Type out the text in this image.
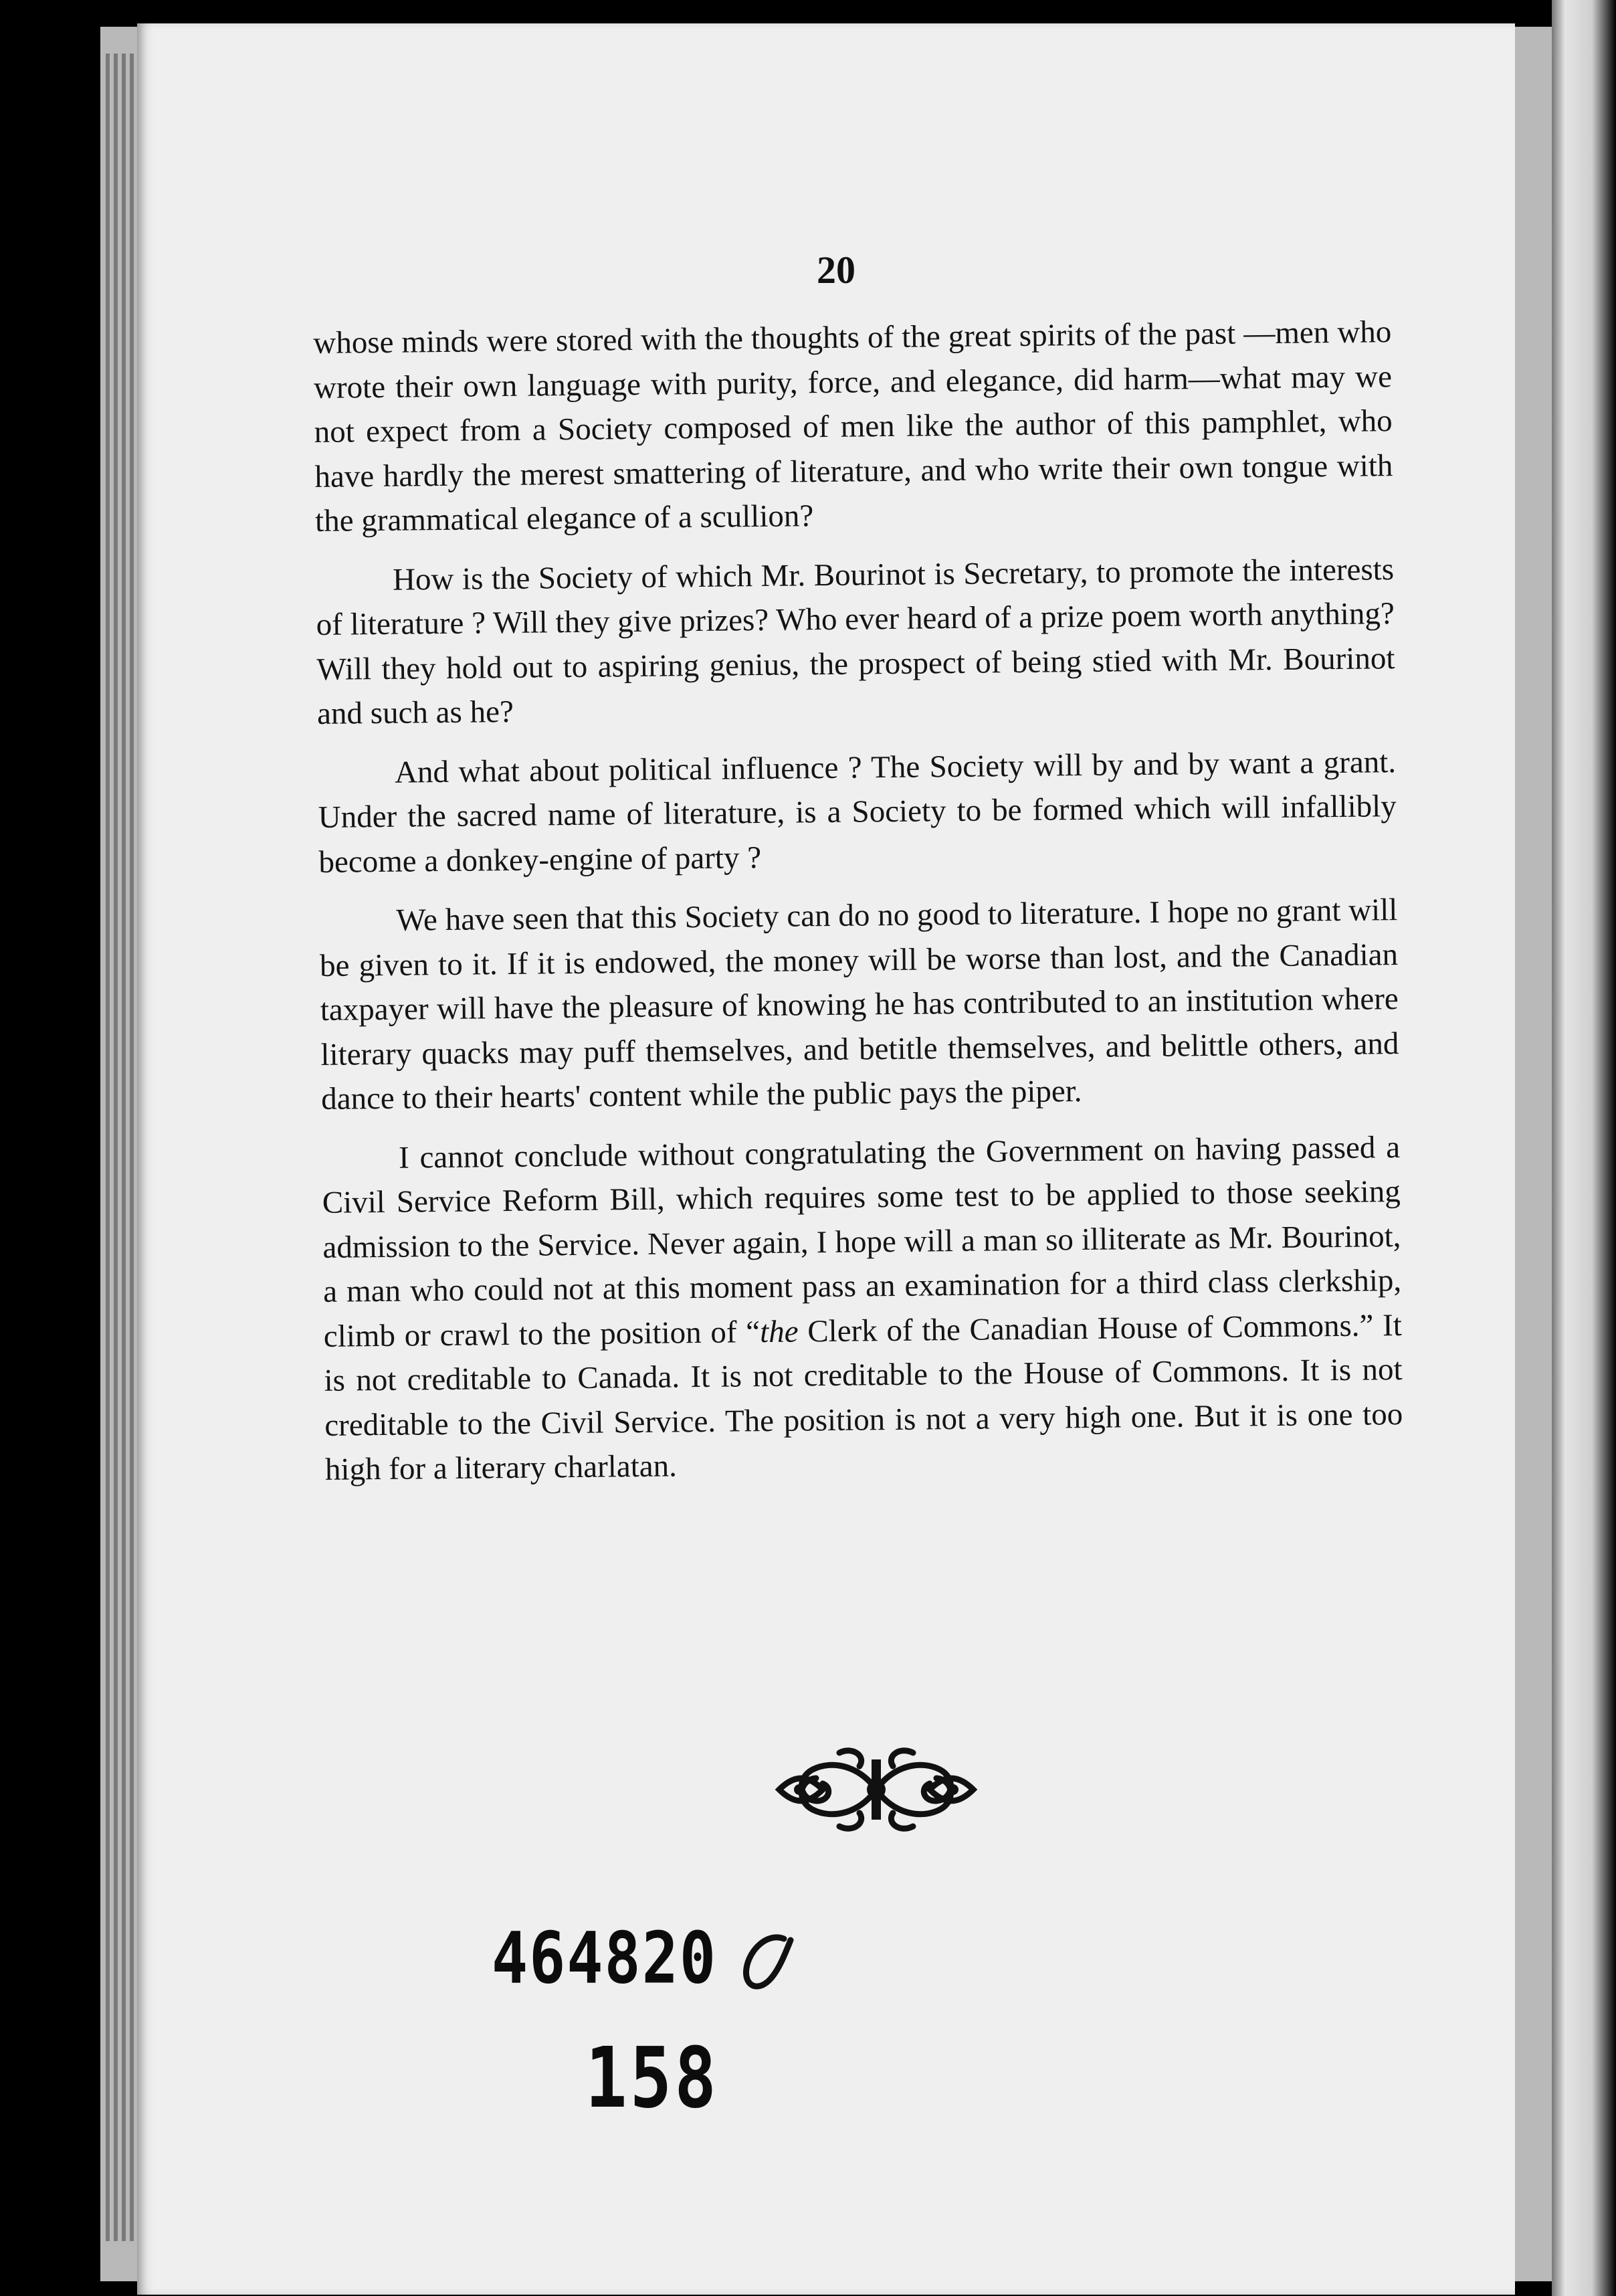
20

whose minds were stored with the thoughts of the great spirits of the past —men who wrote their own language with purity, force, and elegance, did harm—what may we not expect from a Society composed of men like the author of this pamphlet, who have hardly the merest smattering of literature, and who write their own tongue with the grammatical elegance of a scullion?

How is the Society of which Mr. Bourinot is Secretary, to promote the interests of literature ? Will they give prizes? Who ever heard of a prize poem worth anything? Will they hold out to aspiring genius, the prospect of being stied with Mr. Bourinot and such as he?

And what about political influence ? The Society will by and by want a grant. Under the sacred name of literature, is a Society to be formed which will infallibly become a donkey-engine of party ?

We have seen that this Society can do no good to literature. I hope no grant will be given to it. If it is endowed, the money will be worse than lost, and the Canadian taxpayer will have the pleasure of knowing he has contributed to an institution where literary quacks may puff themselves, and betitle themselves, and belittle others, and dance to their hearts' content while the public pays the piper.

I cannot conclude without congratulating the Government on having passed a Civil Service Reform Bill, which requires some test to be applied to those seeking admission to the Service. Never again, I hope will a man so illiterate as Mr. Bourinot, a man who could not at this moment pass an examination for a third class clerkship, climb or crawl to the position of “the Clerk of the Canadian House of Commons.” It is not creditable to Canada. It is not creditable to the House of Commons. It is not creditable to the Civil Service. The position is not a very high one. But it is one too high for a literary charlatan.

464820
158
